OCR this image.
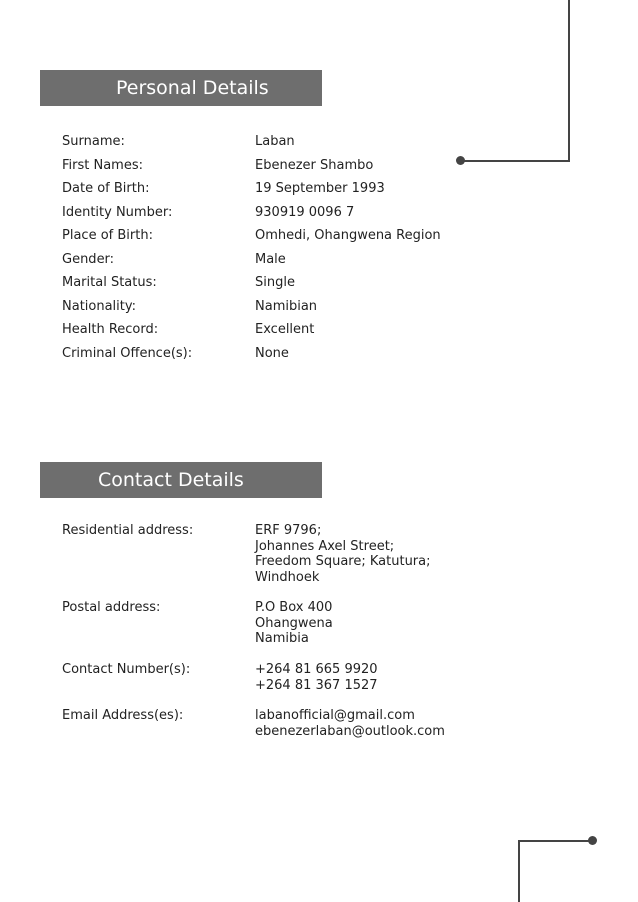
Personal Details
Surname:	Laban
First Names:	Ebenezer Shambo
Date of Birth:	19 September 1993
Identity Number:	930919 0096 7
Place of Birth:	Omhedi, Ohangwena Region
Gender:	Male
Marital Status:	Single
Nationality:	Namibian
Health Record:	Excellent
Criminal Offence(s):	None
Contact Details
Residential address:	ERF 9796;
Johannes Axel Street;
Freedom Square; Katutura;
Windhoek
Postal address:	P.O Box 400
Ohangwena
Namibia
Contact Number(s):	+264 81 665 9920
+264 81 367 1527
Email Address(es):	labanofficial@gmail.com
ebenezerlaban@outlook.com
